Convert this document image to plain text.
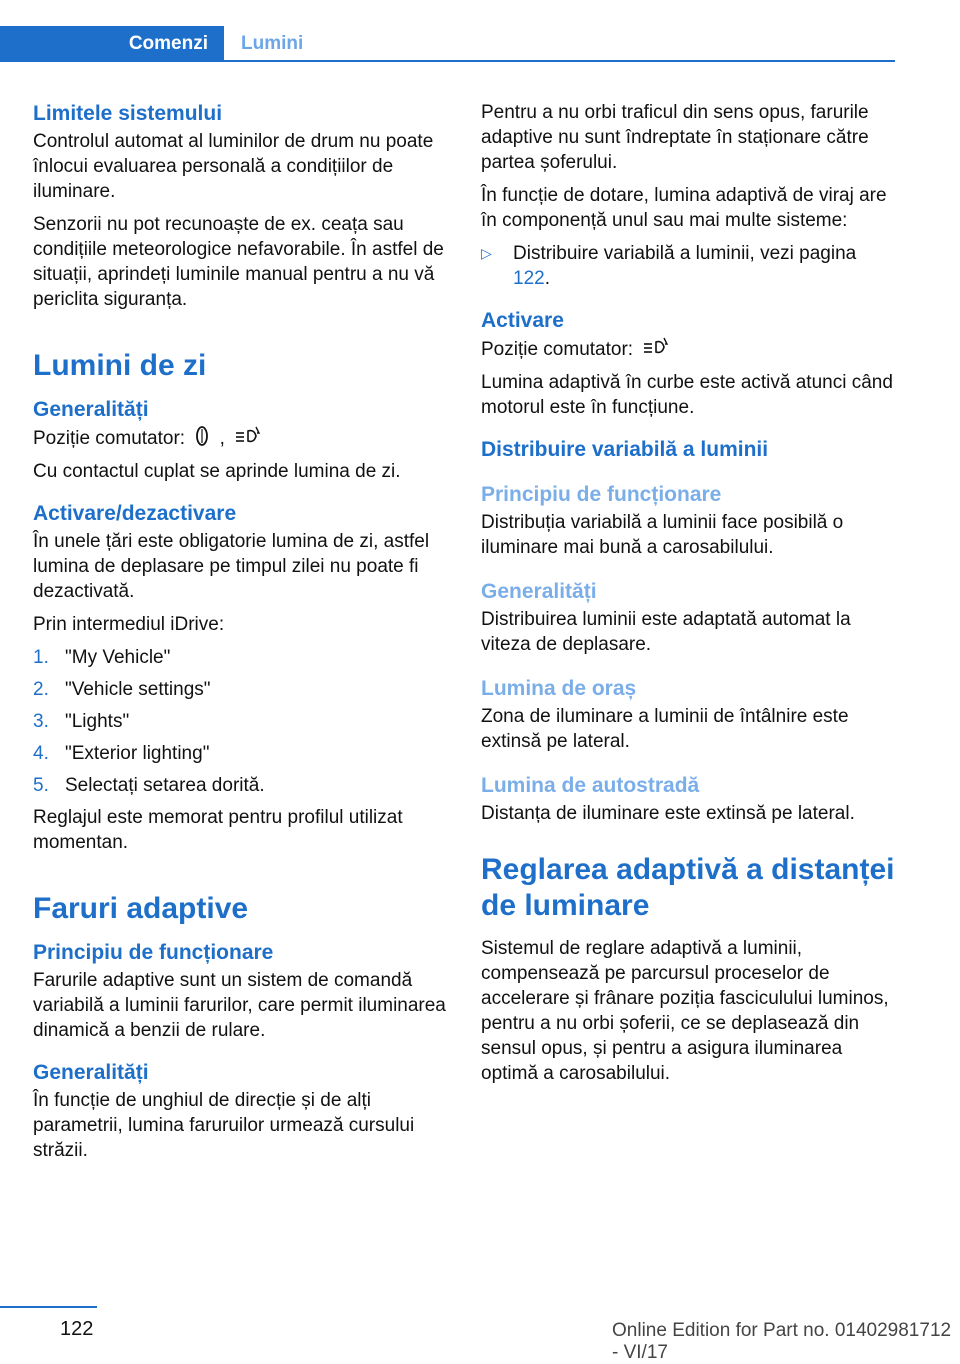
Comenzi	Lumini
Limitele sistemului

Controlul automat al luminilor de drum nu poate înlocui evaluarea personală a condițiilor de iluminare.

Senzorii nu pot recunoaște de ex. ceața sau condițiile meteorologice nefavorabile. În astfel de situații, aprindeți luminile manual pentru a nu vă periclita siguranța.

Lumini de zi
Generalități

Poziție comutator: ,

Cu contactul cuplat se aprinde lumina de zi.

Activare/dezactivare

În unele țări este obligatorie lumina de zi, astfel lumina de deplasare pe timpul zilei nu poate fi dezactivată.

Prin intermediul iDrive:

1. "My Vehicle"
2. "Vehicle settings"
3. "Lights"
4. "Exterior lighting"
5. Selectați setarea dorită.

Reglajul este memorat pentru profilul utilizat momentan.

Faruri adaptive
Principiu de funcționare

Farurile adaptive sunt un sistem de comandă variabilă a luminii farurilor, care permit iluminarea dinamică a benzii de rulare.

Generalități

În funcție de unghiul de direcție și de alți parametrii, lumina faruruilor urmează cursului străzii.

Pentru a nu orbi traficul din sens opus, farurile adaptive nu sunt îndreptate în staționare către partea șoferului.

În funcție de dotare, lumina adaptivă de viraj are în componență unul sau mai multe sisteme:

▷	Distribuire variabilă a luminii, vezi pagina 122.
Activare

Poziție comutator:

Lumina adaptivă în curbe este activă atunci când motorul este în funcțiune.

Distribuire variabilă a luminii
Principiu de funcționare

Distribuția variabilă a luminii face posibilă o iluminare mai bună a carosabilului.

Generalități

Distribuirea luminii este adaptată automat la viteza de deplasare.

Lumina de oraș

Zona de iluminare a luminii de întâlnire este extinsă pe lateral.

Lumina de autostradă

Distanța de iluminare este extinsă pe lateral.

Reglarea adaptivă a distanței de luminare

Sistemul de reglare adaptivă a luminii, compensează pe parcursul proceselor de accelerare și frânare poziția fasciculului luminos, pentru a nu orbi șoferii, ce se deplasează din sensul opus, și pentru a asigura iluminarea optimă a carosabilului.

122	Online Edition for Part no. 01402981712 - VI/17
